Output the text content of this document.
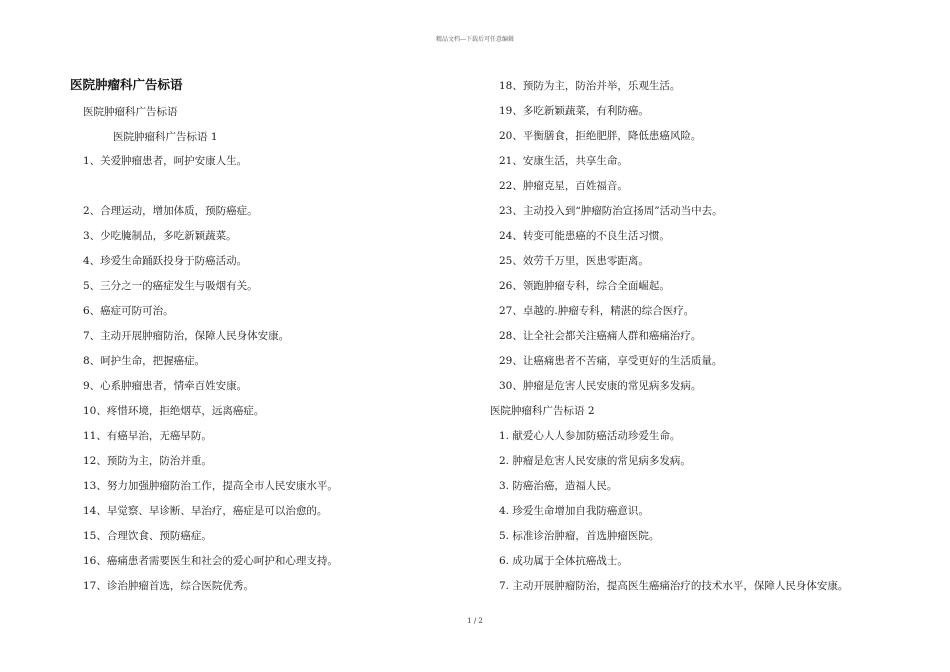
精品文档---下载后可任意编辑
医院肿瘤科广告标语
医院肿瘤科广告标语
医院肿瘤科广告标语 1
1、关爱肿瘤患者，呵护安康人生。
2、合理运动，增加体质，预防癌症。
3、少吃腌制品，多吃新颖蔬菜。
4、珍爱生命踊跃投身于防癌活动。
5、三分之一的癌症发生与吸烟有关。
6、癌症可防可治。
7、主动开展肿瘤防治，保障人民身体安康。
8、呵护生命，把握癌症。
9、心系肿瘤患者，情牵百姓安康。
10、疼惜环境，拒绝烟草，远离癌症。
11、有癌早治，无癌早防。
12、预防为主，防治并重。
13、努力加强肿瘤防治工作，提高全市人民安康水平。
14、早觉察、早诊断、早治疗，癌症是可以治愈的。
15、合理饮食、预防癌症。
16、癌痛患者需要医生和社会的爱心呵护和心理支持。
17、诊治肿瘤首选，综合医院优秀。
18、预防为主，防治并举，乐观生活。
19、多吃新颖蔬菜，有利防癌。
20、平衡膳食，拒绝肥胖，降低患癌风险。
21、安康生活，共享生命。
22、肿瘤克星，百姓福音。
23、主动投入到“肿瘤防治宣扬周”活动当中去。
24、转变可能患癌的不良生活习惯。
25、效劳千万里，医患零距离。
26、领跑肿瘤专科，综合全面崛起。
27、卓越的.肿瘤专科，精湛的综合医疗。
28、让全社会都关注癌痛人群和癌痛治疗。
29、让癌痛患者不苦痛，享受更好的生活质量。
30、肿瘤是危害人民安康的常见病多发病。
医院肿瘤科广告标语 2
1. 献爱心人人参加防癌活动珍爱生命。
2. 肿瘤是危害人民安康的常见病多发病。
3. 防癌治癌，造福人民。
4. 珍爱生命增加自我防癌意识。
5. 标准诊治肿瘤，首选肿瘤医院。
6. 成功属于全体抗癌战士。
7. 主动开展肿瘤防治，提高医生癌痛治疗的技术水平，保障人民身体安康。
1 / 2
